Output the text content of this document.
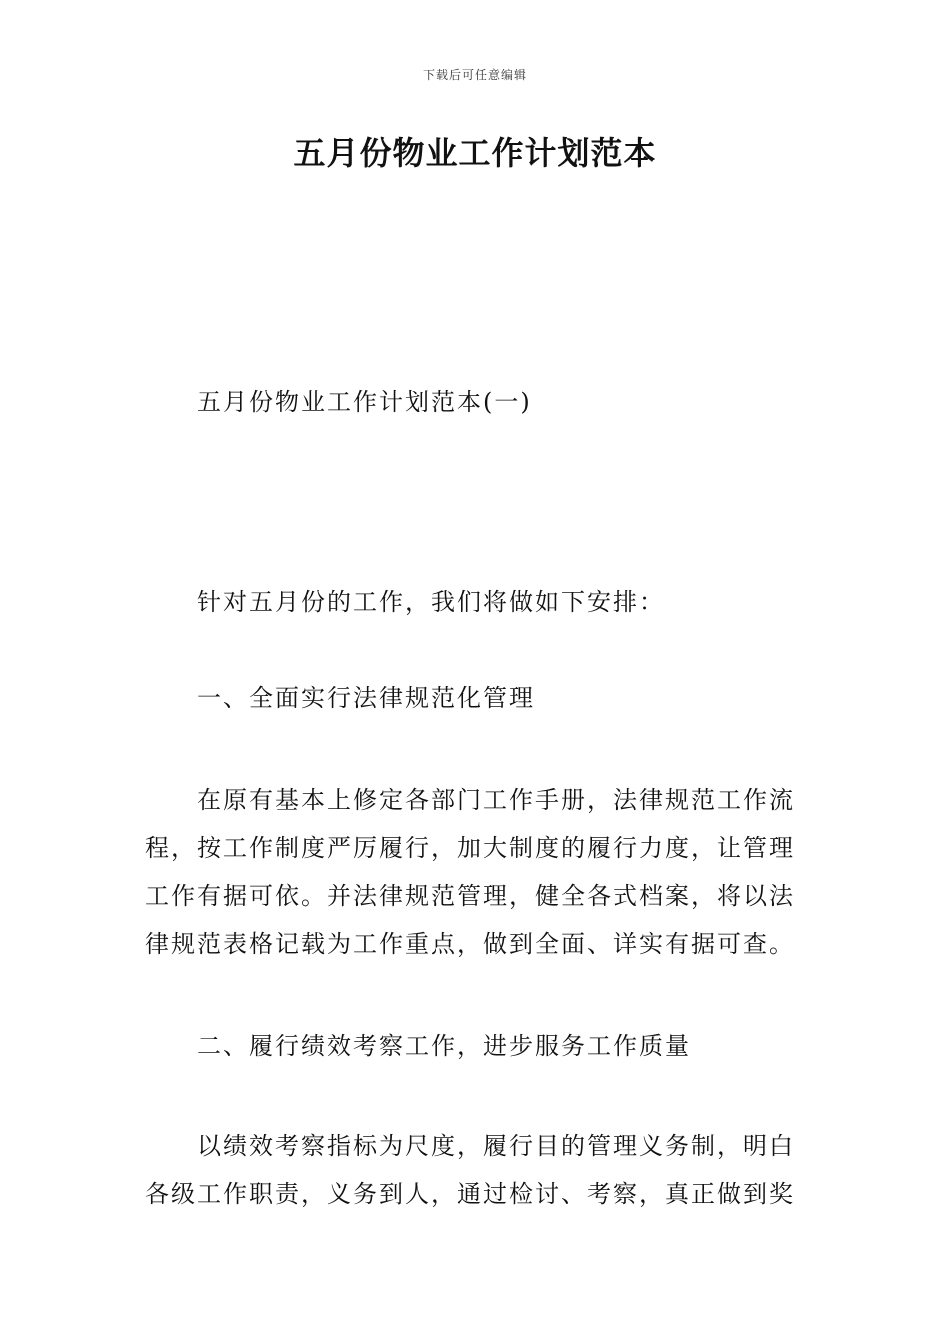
下载后可任意编辑
五月份物业工作计划范本

五月份物业工作计划范本(一)

针对五月份的工作，我们将做如下安排：

一、全面实行法律规范化管理

在原有基本上修定各部门工作手册，法律规范工作流程，按工作制度严厉履行，加大制度的履行力度，让管理工作有据可依。并法律规范管理，健全各式档案，将以法律规范表格记载为工作重点，做到全面、详实有据可查。

二、履行绩效考察工作，进步服务工作质量

以绩效考察指标为尺度，履行目的管理义务制，明白各级工作职责，义务到人，通过检讨、考察，真正做到奖
